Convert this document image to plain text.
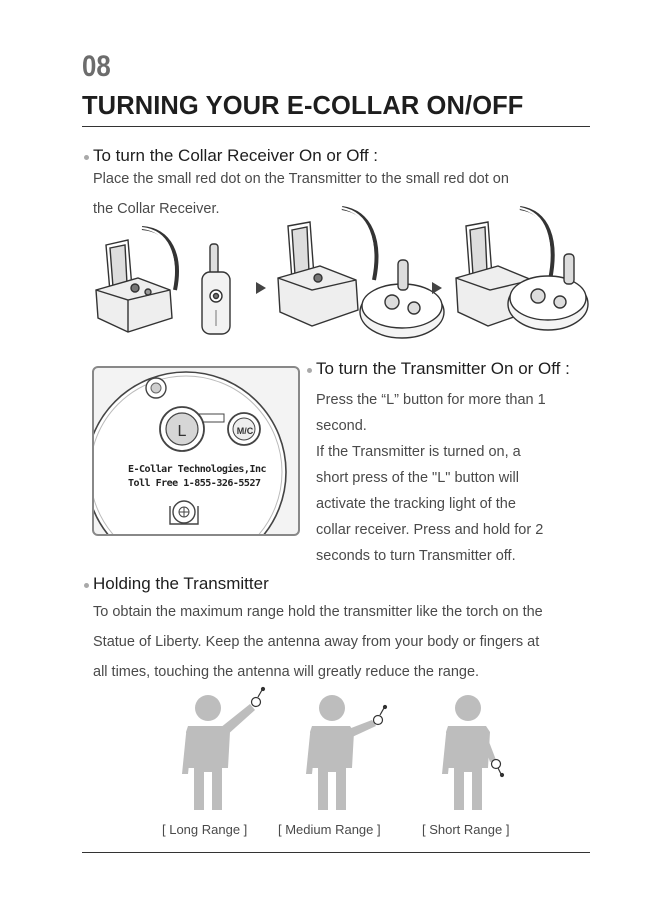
08
TURNING YOUR E-COLLAR ON/OFF
To turn the Collar Receiver On or Off :
Place the small red dot on the Transmitter to the small red dot on
the Collar Receiver.
L	M/C
E-Collar Technologies,Inc
Toll Free 1-855-326-5527
To turn the Transmitter On or Off :
Press the “L” button for more than 1
second.
If the Transmitter is turned on, a
short press of the "L" button will
activate the tracking light of the
collar receiver. Press and hold for 2
seconds to turn Transmitter off.
Holding the Transmitter
To obtain the maximum range hold the transmitter like the torch on the
Statue of Liberty. Keep the antenna away from your body or fingers at
all times, touching the antenna will greatly reduce the range.
[ Long Range ] [ Medium Range ]	[ Short Range ]
